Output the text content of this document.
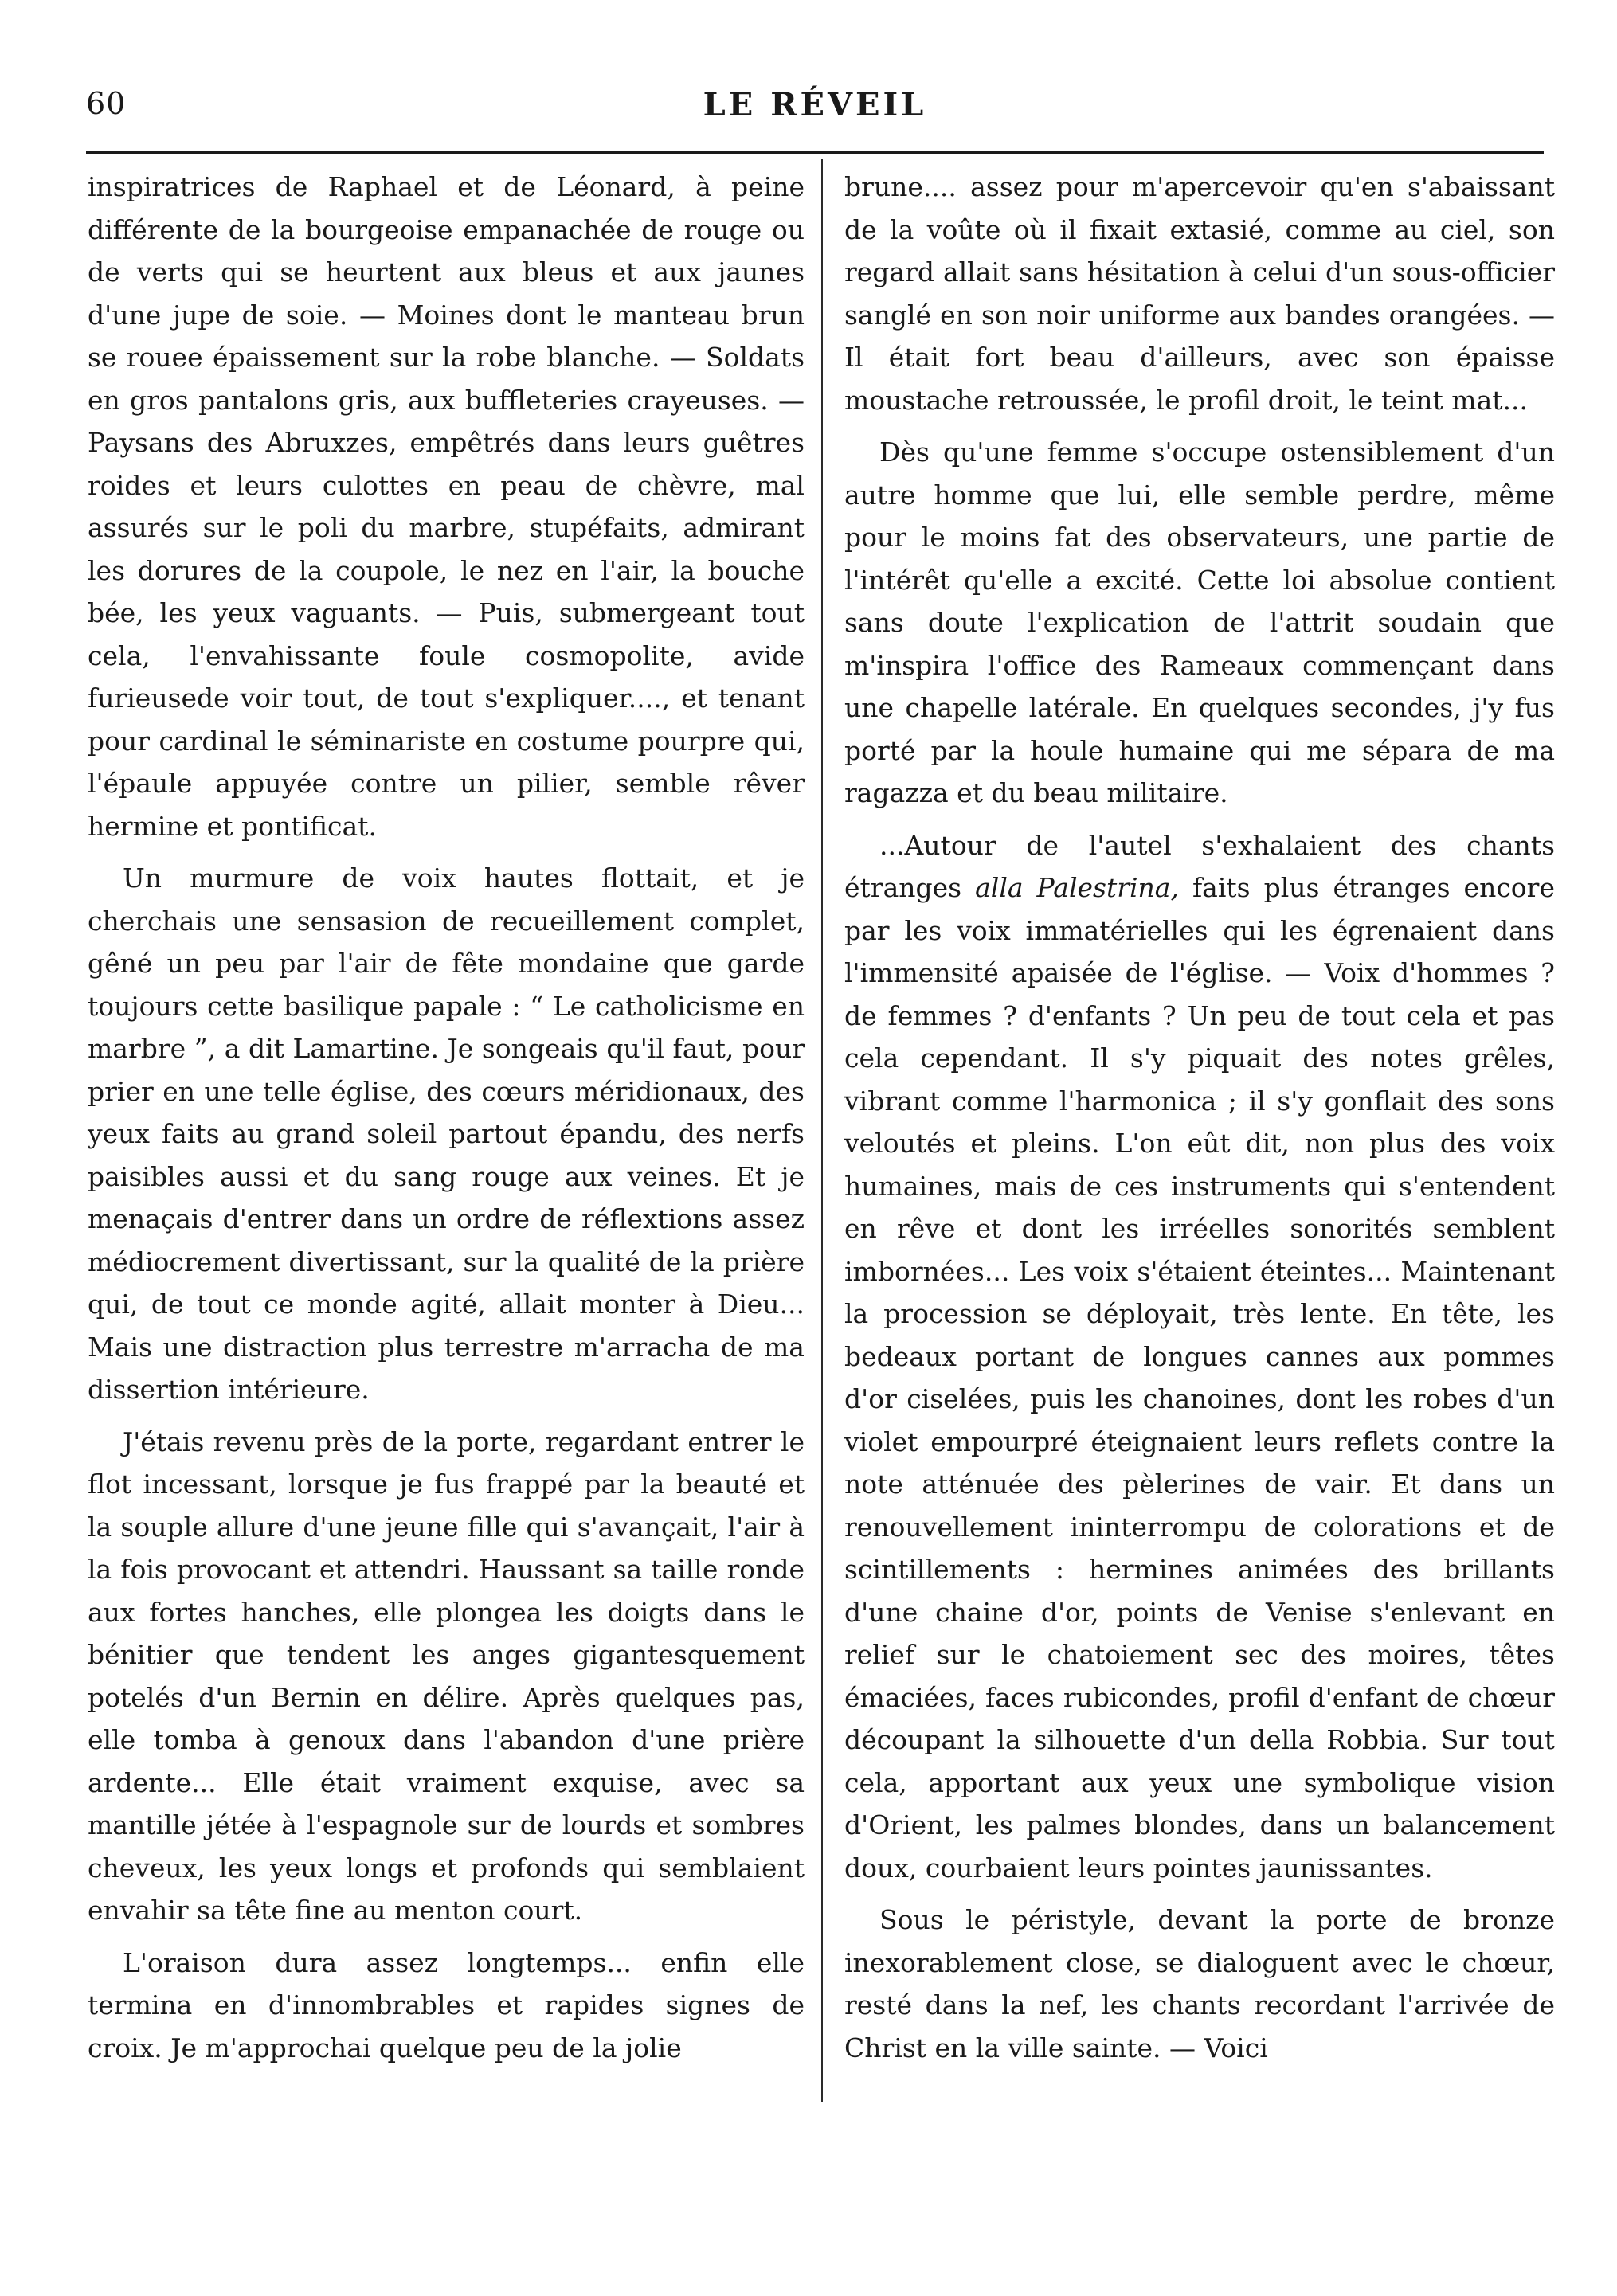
60	LE RÉVEIL

inspiratrices de Raphael et de Léonard, à peine différente de la bourgeoise empanachée de rouge ou de verts qui se heurtent aux bleus et aux jaunes d'une jupe de soie. — Moines dont le manteau brun se rouee épaissement sur la robe blanche. — Soldats en gros pantalons gris, aux buffleteries crayeuses. — Paysans des Abruxzes, empêtrés dans leurs guêtres roides et leurs culottes en peau de chèvre, mal assurés sur le poli du marbre, stupéfaits, admirant les dorures de la coupole, le nez en l'air, la bouche bée, les yeux vaguants. — Puis, submergeant tout cela, l'envahissante foule cosmopolite, avide furieusede voir tout, de tout s'expliquer...., et tenant pour cardinal le séminariste en costume pourpre qui, l'épaule appuyée contre un pilier, semble rêver hermine et pontificat.

Un murmure de voix hautes flottait, et je cherchais une sensasion de recueillement complet, gêné un peu par l'air de fête mondaine que garde toujours cette basilique papale : “ Le catholicisme en marbre ”, a dit Lamartine. Je songeais qu'il faut, pour prier en une telle église, des cœurs méridionaux, des yeux faits au grand soleil partout épandu, des nerfs paisibles aussi et du sang rouge aux veines. Et je menaçais d'entrer dans un ordre de réflextions assez médiocrement divertissant, sur la qualité de la prière qui, de tout ce monde agité, allait monter à Dieu... Mais une distraction plus terrestre m'arracha de ma dissertion intérieure.

J'étais revenu près de la porte, regardant entrer le flot incessant, lorsque je fus frappé par la beauté et la souple allure d'une jeune fille qui s'avançait, l'air à la fois provocant et attendri. Haussant sa taille ronde aux fortes hanches, elle plongea les doigts dans le bénitier que tendent les anges gigantesquement potelés d'un Bernin en délire. Après quelques pas, elle tomba à genoux dans l'abandon d'une prière ardente... Elle était vraiment exquise, avec sa mantille jétée à l'espagnole sur de lourds et sombres cheveux, les yeux longs et profonds qui semblaient envahir sa tête fine au menton court.

L'oraison dura assez longtemps... enfin elle termina en d'innombrables et rapides signes de croix. Je m'approchai quelque peu de la jolie

brune.... assez pour m'apercevoir qu'en s'abaissant de la voûte où il fixait extasié, comme au ciel, son regard allait sans hésitation à celui d'un sous-officier sanglé en son noir uniforme aux bandes orangées. — Il était fort beau d'ailleurs, avec son épaisse moustache retroussée, le profil droit, le teint mat...

Dès qu'une femme s'occupe ostensiblement d'un autre homme que lui, elle semble perdre, même pour le moins fat des observateurs, une partie de l'intérêt qu'elle a excité. Cette loi absolue contient sans doute l'explication de l'attrit soudain que m'inspira l'office des Rameaux commençant dans une chapelle latérale. En quelques secondes, j'y fus porté par la houle humaine qui me sépara de ma ragazza et du beau militaire.

...Autour de l'autel s'exhalaient des chants étranges alla Palestrina, faits plus étranges encore par les voix immatérielles qui les égrenaient dans l'immensité apaisée de l'église. — Voix d'hommes ? de femmes ? d'enfants ? Un peu de tout cela et pas cela cependant. Il s'y piquait des notes grêles, vibrant comme l'harmonica ; il s'y gonflait des sons veloutés et pleins. L'on eût dit, non plus des voix humaines, mais de ces instruments qui s'entendent en rêve et dont les irréelles sonorités semblent imbornées... Les voix s'étaient éteintes... Maintenant la procession se déployait, très lente. En tête, les bedeaux portant de longues cannes aux pommes d'or ciselées, puis les chanoines, dont les robes d'un violet empourpré éteignaient leurs reflets contre la note atténuée des pèlerines de vair. Et dans un renouvellement ininterrompu de colorations et de scintillements : hermines animées des brillants d'une chaine d'or, points de Venise s'enlevant en relief sur le chatoiement sec des moires, têtes émaciées, faces rubicondes, profil d'enfant de chœur découpant la silhouette d'un della Robbia. Sur tout cela, apportant aux yeux une symbolique vision d'Orient, les palmes blondes, dans un balancement doux, courbaient leurs pointes jaunissantes.

Sous le péristyle, devant la porte de bronze inexorablement close, se dialoguent avec le chœur, resté dans la nef, les chants recordant l'arrivée de Christ en la ville sainte. — Voici
